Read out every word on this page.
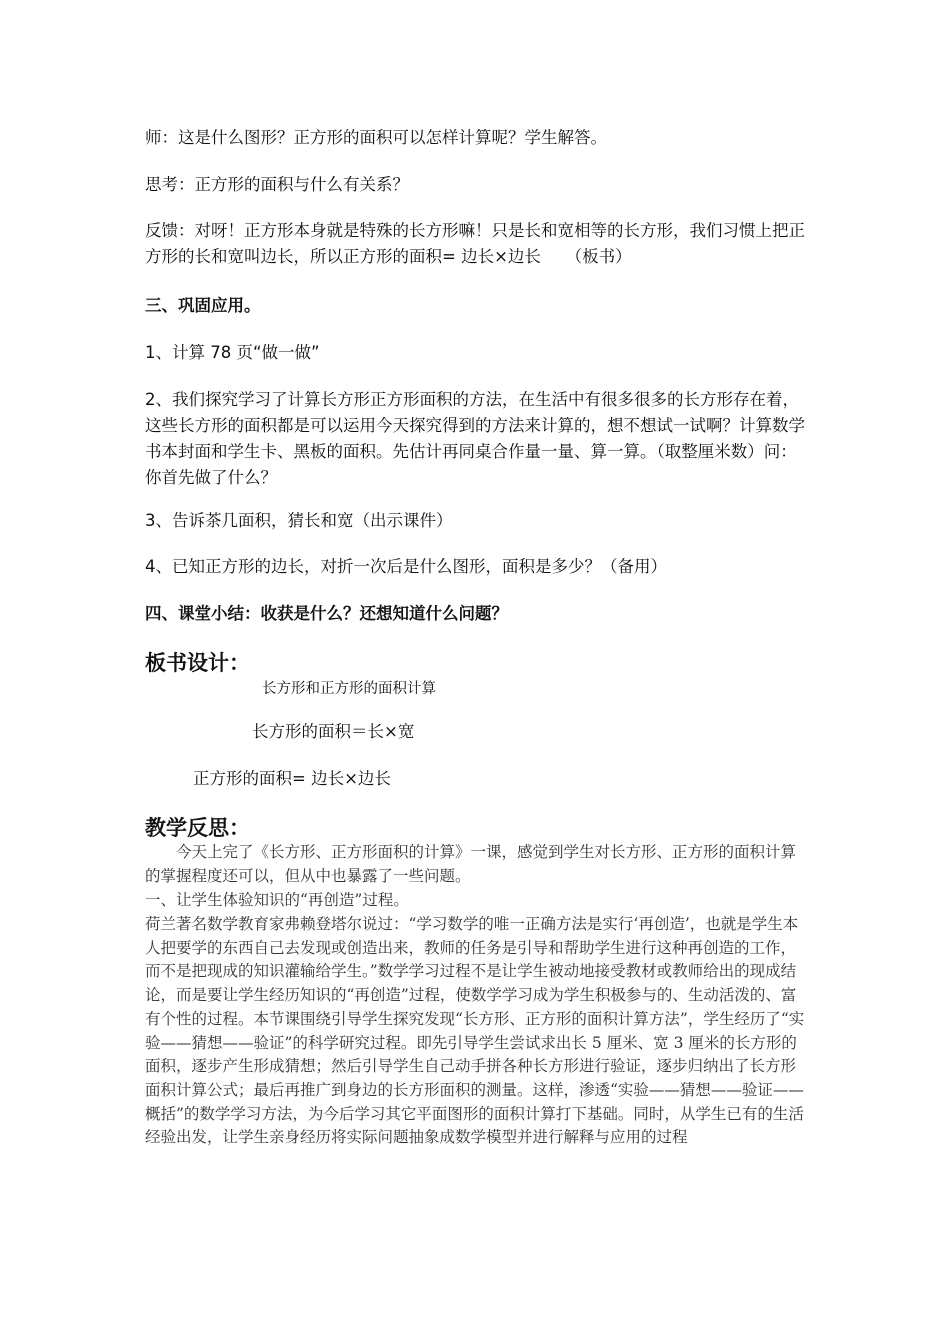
师：这是什么图形？正方形的面积可以怎样计算呢？学生解答。

思考：正方形的面积与什么有关系？

反馈：对呀！正方形本身就是特殊的长方形嘛！只是长和宽相等的长方形，我们习惯上把正方形的长和宽叫边长，所以正方形的面积= 边长×边长　　（板书）

三、巩固应用。

1、计算 78 页“做一做”

2、我们探究学习了计算长方形正方形面积的方法，在生活中有很多很多的长方形存在着，这些长方形的面积都是可以运用今天探究得到的方法来计算的，想不想试一试啊？计算数学书本封面和学生卡、黑板的面积。先估计再同桌合作量一量、算一算。（取整厘米数）问：你首先做了什么？

3、告诉茶几面积，猜长和宽（出示课件）

4、已知正方形的边长，对折一次后是什么图形，面积是多少？（备用）

四、课堂小结：收获是什么？还想知道什么问题？

板书设计：

长方形和正方形的面积计算

长方形的面积＝长×宽

正方形的面积= 边长×边长

教学反思：

今天上完了《长方形、正方形面积的计算》一课，感觉到学生对长方形、正方形的面积计算的掌握程度还可以，但从中也暴露了一些问题。

一、让学生体验知识的“再创造”过程。

荷兰著名数学教育家弗赖登塔尔说过：“学习数学的唯一正确方法是实行‘再创造’，也就是学生本人把要学的东西自己去发现或创造出来，教师的任务是引导和帮助学生进行这种再创造的工作，而不是把现成的知识灌输给学生。”数学学习过程不是让学生被动地接受教材或教师给出的现成结论，而是要让学生经历知识的“再创造”过程，使数学学习成为学生积极参与的、生动活泼的、富有个性的过程。本节课围绕引导学生探究发现“长方形、正方形的面积计算方法”，学生经历了“实验——猜想——验证”的科学研究过程。即先引导学生尝试求出长 5 厘米、宽 3 厘米的长方形的面积，逐步产生形成猜想；然后引导学生自己动手拼各种长方形进行验证，逐步归纳出了长方形面积计算公式；最后再推广到身边的长方形面积的测量。这样，渗透“实验——猜想——验证——概括”的数学学习方法，为今后学习其它平面图形的面积计算打下基础。同时，从学生已有的生活经验出发，让学生亲身经历将实际问题抽象成数学模型并进行解释与应用的过程
